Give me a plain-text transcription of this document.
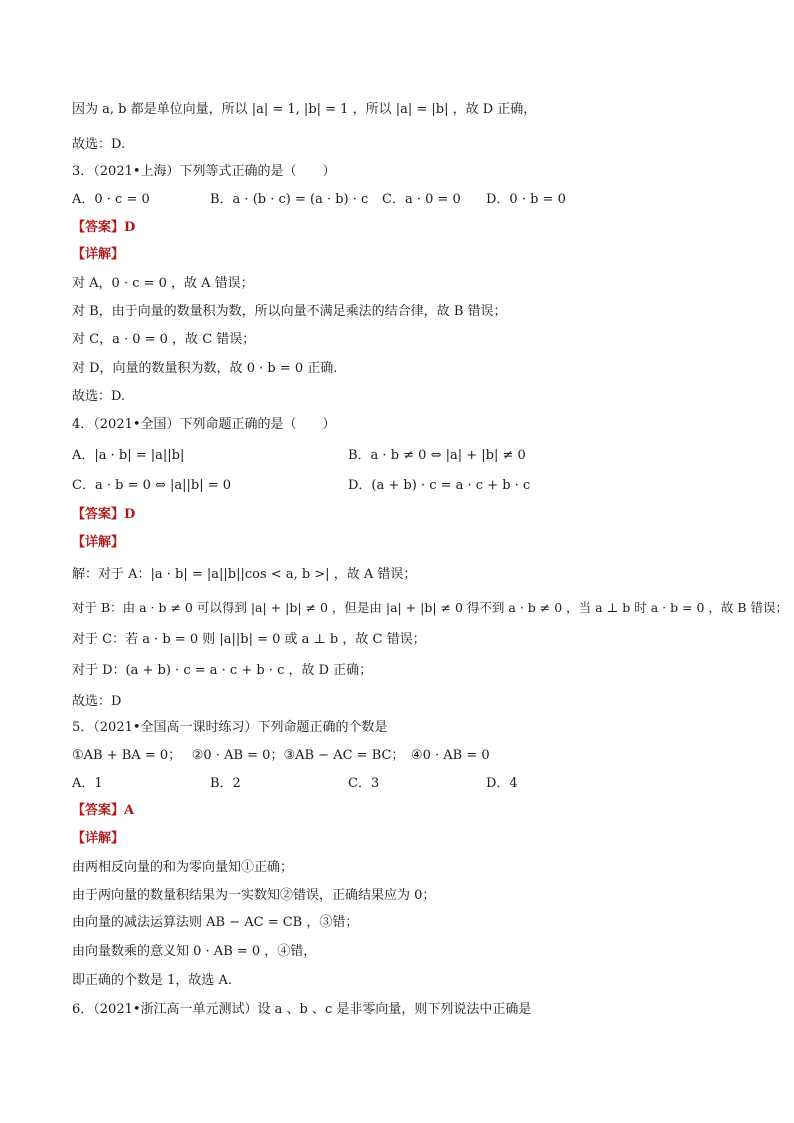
因为 a, b 都是单位向量，所以 |a| = 1, |b| = 1 ，所以 |a| = |b| ，故 D 正确，
故选：D.
3．（2021•上海）下列等式正确的是（　　）
A．0 · c = 0	B．a · (b · c) = (a · b) · c C．a · 0 = 0 D．0 · b = 0
【答案】D
【详解】
对 A，0 · c = 0 ，故 A 错误；
对 B，由于向量的数量积为数，所以向量不满足乘法的结合律，故 B 错误；
对 C，a · 0 = 0 ，故 C 错误；
对 D，向量的数量积为数，故 0 · b = 0 正确.
故选：D.
4．（2021•全国）下列命题正确的是（　　）
A．|a · b| = |a||b|	B．a · b ≠ 0 ⇔ |a| + |b| ≠ 0
C．a · b = 0 ⇔ |a||b| = 0	D．(a + b) · c = a · c + b · c
【答案】D
【详解】
解：对于 A：|a · b| = |a||b||cos < a, b >| ，故 A 错误；
对于 B：由 a · b ≠ 0 可以得到 |a| + |b| ≠ 0 ，但是由 |a| + |b| ≠ 0 得不到 a · b ≠ 0 ，当 a ⊥ b 时 a · b = 0 ，故 B 错误；
对于 C：若 a · b = 0 则 |a||b| = 0 或 a ⊥ b ，故 C 错误；
对于 D：(a + b) · c = a · c + b · c ，故 D 正确；
故选：D
5．（2021•全国高一课时练习）下列命题正确的个数是
①AB + BA = 0；　 ②0 · AB = 0；③AB − AC = BC；　④0 · AB = 0
A．1	B．2	C．3	D．4
【答案】A
【详解】
由两相反向量的和为零向量知①正确；
由于两向量的数量积结果为一实数知②错误，正确结果应为 0；
由向量的减法运算法则 AB − AC = CB ，③错；
由向量数乘的意义知 0 · AB = 0 ，④错，
即正确的个数是 1，故选 A.
6．（2021•浙江高一单元测试）设 a 、b 、c 是非零向量，则下列说法中正确是
